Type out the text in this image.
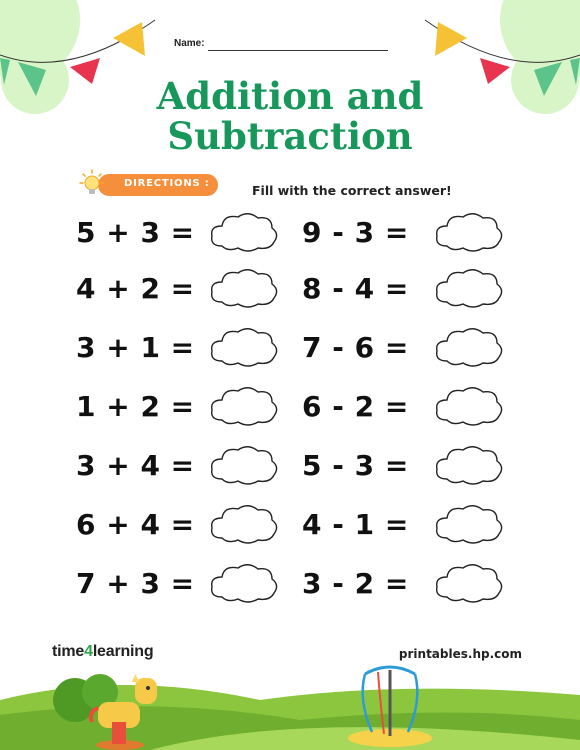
Name:
Addition and
Subtraction
DIRECTIONS :	Fill with the correct answer!
5 + 3 =
4 + 2 =
3 + 1 =
1 + 2 =
3 + 4 =
6 + 4 =
7 + 3 =
9 - 3 =
8 - 4 =
7 - 6 =
6 - 2 =
5 - 3 =
4 - 1 =
3 - 2 =
time4learning	printables.hp.com
